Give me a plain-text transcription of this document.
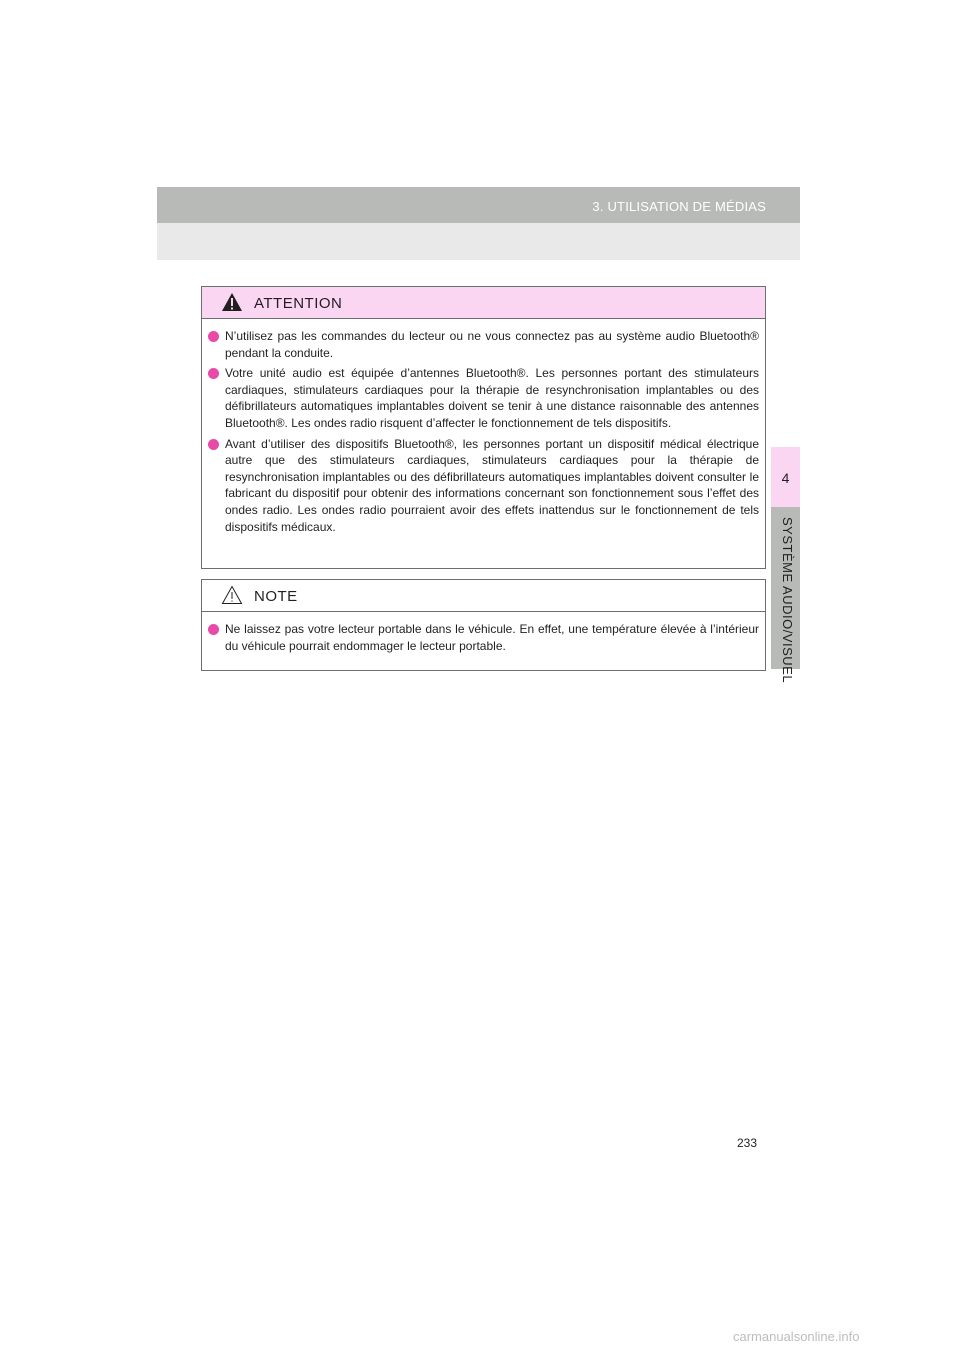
3. UTILISATION DE MÉDIAS
4
SYSTÈME AUDIO/VISUEL
ATTENTION
N’utilisez pas les commandes du lecteur ou ne vous connectez pas au système audio Bluetooth® pendant la conduite.
Votre unité audio est équipée d’antennes Bluetooth®. Les personnes portant des stimulateurs cardiaques, stimulateurs cardiaques pour la thérapie de resynchronisation implantables ou des défibrillateurs automatiques implantables doivent se tenir à une distance raisonnable des antennes Bluetooth®. Les ondes radio risquent d’affecter le fonctionnement de tels dispositifs.
Avant d’utiliser des dispositifs Bluetooth®, les personnes portant un dispositif médical électrique autre que des stimulateurs cardiaques, stimulateurs cardiaques pour la thérapie de resynchronisation implantables ou des défibrillateurs automatiques implantables doivent consulter le fabricant du dispositif pour obtenir des informations concernant son fonctionnement sous l’effet des ondes radio. Les ondes radio pourraient avoir des effets inattendus sur le fonctionnement de tels dispositifs médicaux.
NOTE
Ne laissez pas votre lecteur portable dans le véhicule. En effet, une température élevée à l’intérieur du véhicule pourrait endommager le lecteur portable.
233
carmanualsonline.info
